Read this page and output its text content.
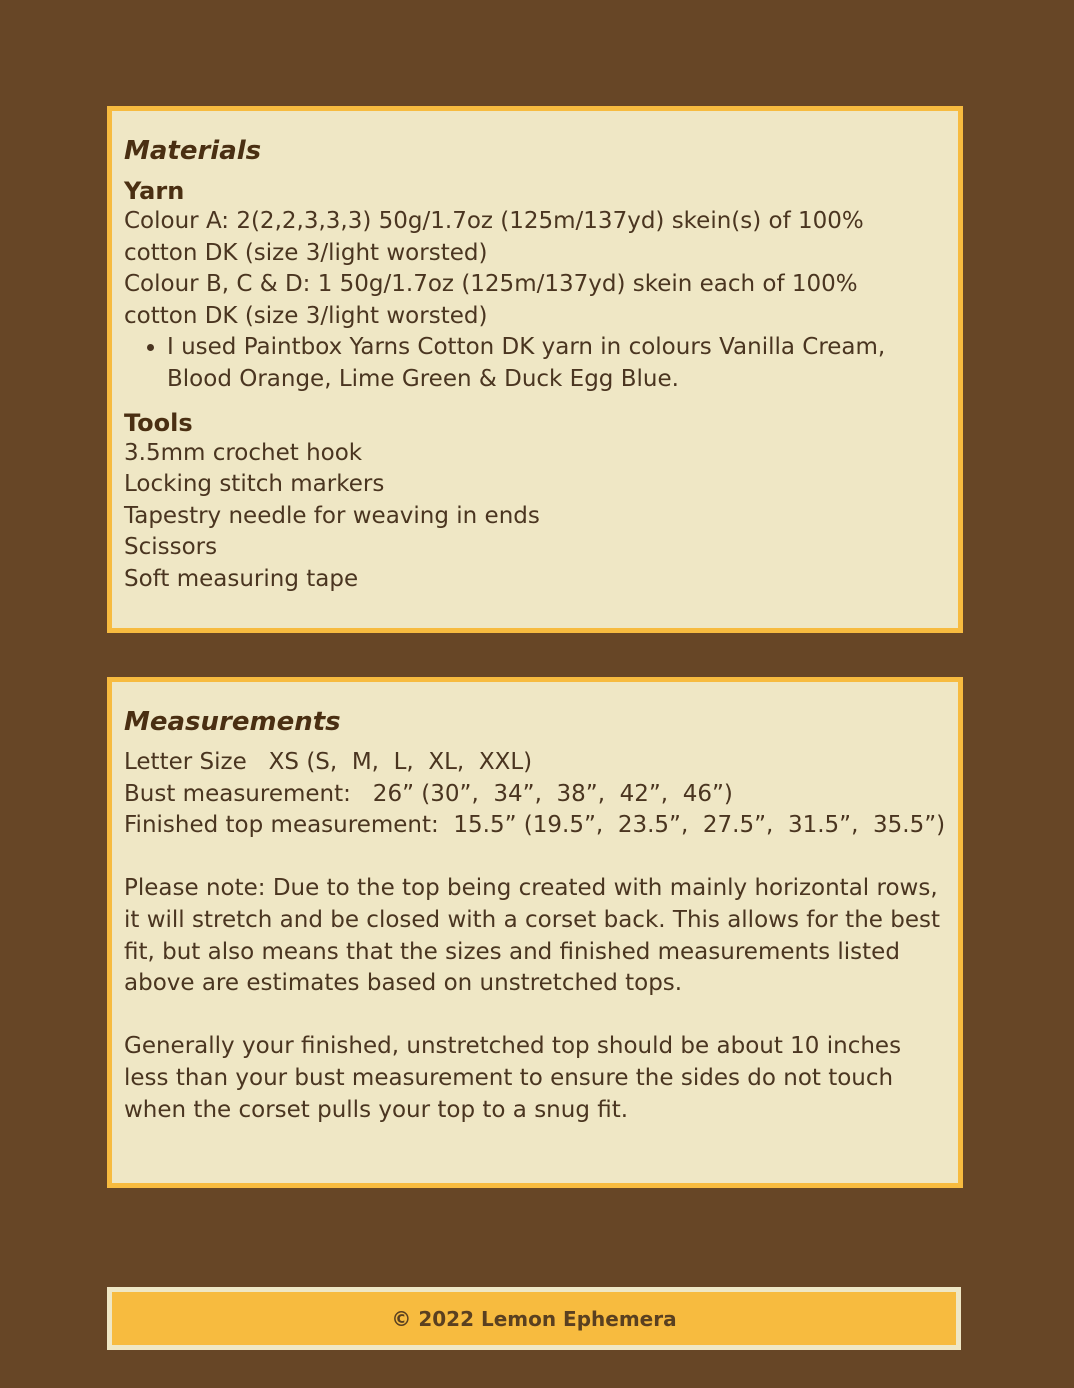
Materials
Yarn

Colour A: 2(2,2,3,3,3) 50g/1.7oz (125m/137yd) skein(s) of 100%

cotton DK (size 3/light worsted)

Colour B, C & D: 1 50g/1.7oz (125m/137yd) skein each of 100%

cotton DK (size 3/light worsted)

• I used Paintbox Yarns Cotton DK yarn in colours Vanilla Cream, Blood Orange, Lime Green & Duck Egg Blue.
Tools

3.5mm crochet hook

Locking stitch markers

Tapestry needle for weaving in ends

Scissors

Soft measuring tape

Measurements

Letter Size   XS (S,  M,  L,  XL,  XXL)

Bust measurement:   26” (30”,  34”,  38”,  42”,  46”)

Finished top measurement:  15.5” (19.5”,  23.5”,  27.5”,  31.5”,  35.5”)

Please note: Due to the top being created with mainly horizontal rows, it will stretch and be closed with a corset back. This allows for the best fit, but also means that the sizes and finished measurements listed above are estimates based on unstretched tops.

Generally your finished, unstretched top should be about 10 inches less than your bust measurement to ensure the sides do not touch when the corset pulls your top to a snug fit.

© 2022 Lemon Ephemera
